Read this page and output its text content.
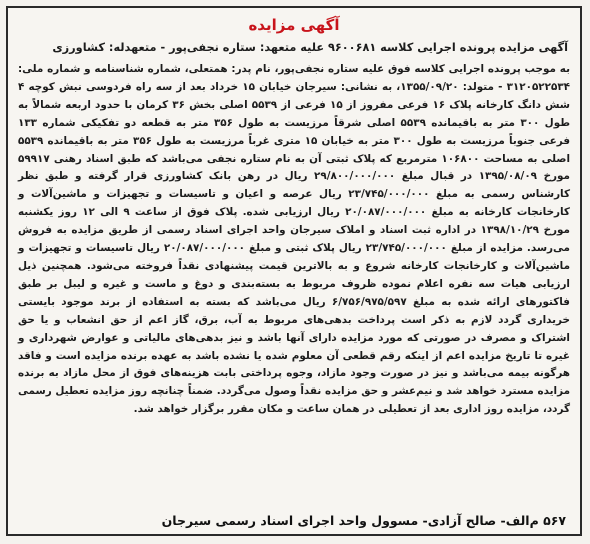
آگهی مزایده
آگهی مزایده پرونده اجرایی کلاسه ۹۶۰۰۶۸۱ علیه متعهد: ستاره نجفی‌پور - متعهدله: کشاورزی
به موجب پرونده اجرایی کلاسه فوق علیه ستاره نجفی‌پور، نام پدر: همتعلی، شماره شناسنامه و شماره ملی: ۳۱۲۰۵۲۲۵۳۴ - متولد: ۱۳۵۵/۰۹/۲۰، به نشانی: سیرجان خیابان ۱۵ خرداد بعد از سه راه فردوسی نبش کوچه ۴ شش دانگ کارخانه پلاک ۱۶ فرعی مفروز از ۱۵ فرعی از ۵۵۳۹ اصلی بخش ۳۶ کرمان با حدود اربعه شمالاً به طول ۳۰۰ متر به باقیمانده ۵۵۳۹ اصلی شرقاً مرزیست به طول ۳۵۶ متر به قطعه دو تفکیکی شماره ۱۳۳ فرعی جنوباً مرزیست به طول ۳۰۰ متر به خیابان ۱۵ متری غرباً مرزیست به طول ۳۵۶ متر به باقیمانده ۵۵۳۹ اصلی به مساحت ۱۰۶۸۰۰ مترمربع که پلاک ثبتی آن به نام ستاره نجفی می‌باشد که طبق اسناد رهنی ۵۹۹۱۷ مورخ ۱۳۹۵/۰۸/۰۹ در قبال مبلغ ۲۹/۸۰۰/۰۰۰/۰۰۰ ریال در رهن بانک کشاورزی قرار گرفته و طبق نظر کارشناس رسمی به مبلغ ۲۳/۷۴۵/۰۰۰/۰۰۰ ریال عرصه و اعیان و تاسیسات و تجهیزات و ماشین‌آلات و کارخانجات کارخانه به مبلغ ۲۰/۰۸۷/۰۰۰/۰۰۰ ریال ارزیابی شده. پلاک فوق از ساعت ۹ الی ۱۲ روز یکشنبه مورخ ۱۳۹۸/۱۰/۲۹ در اداره ثبت اسناد و املاک سیرجان واحد اجرای اسناد رسمی از طریق مزایده به فروش می‌رسد. مزایده از مبلغ ۲۳/۷۴۵/۰۰۰/۰۰۰ ریال پلاک ثبتی و مبلغ ۲۰/۰۸۷/۰۰۰/۰۰۰ ریال تاسیسات و تجهیزات و ماشین‌آلات و کارخانجات کارخانه شروع و به بالاترین قیمت پیشنهادی نقداً فروخته می‌شود. همچنین ذیل ارزیابی هیات سه نفره اعلام نموده ظروف مربوط به بسته‌بندی و دوغ و ماست و غیره و لیبل بر طبق فاکتورهای ارائه شده به مبلغ ۶/۷۵۶/۹۷۵/۵۹۷ ریال می‌باشد که بسته به استفاده از برند موجود بایستی خریداری گردد لازم به ذکر است پرداخت بدهی‌های مربوط به آب، برق، گاز اعم از حق انشعاب و یا حق اشتراک و مصرف در صورتی که مورد مزایده دارای آنها باشد و نیز بدهی‌های مالیاتی و عوارض شهرداری و غیره تا تاریخ مزایده اعم از اینکه رقم قطعی آن معلوم شده یا نشده باشد به عهده برنده مزایده است و فاقد هرگونه بیمه می‌باشد و نیز در صورت وجود مازاد، وجوه پرداختی بابت هزینه‌های فوق از محل مازاد به برنده مزایده مسترد خواهد شد و نیم‌عشر و حق مزایده نقداً وصول می‌گردد. ضمناً چنانچه روز مزایده تعطیل رسمی گردد، مزایده روز اداری بعد از تعطیلی در همان ساعت و مکان مقرر برگزار خواهد شد.
۵۶۷ م‌الف- صالح آزادی- مسوول واحد اجرای اسناد رسمی سیرجان
